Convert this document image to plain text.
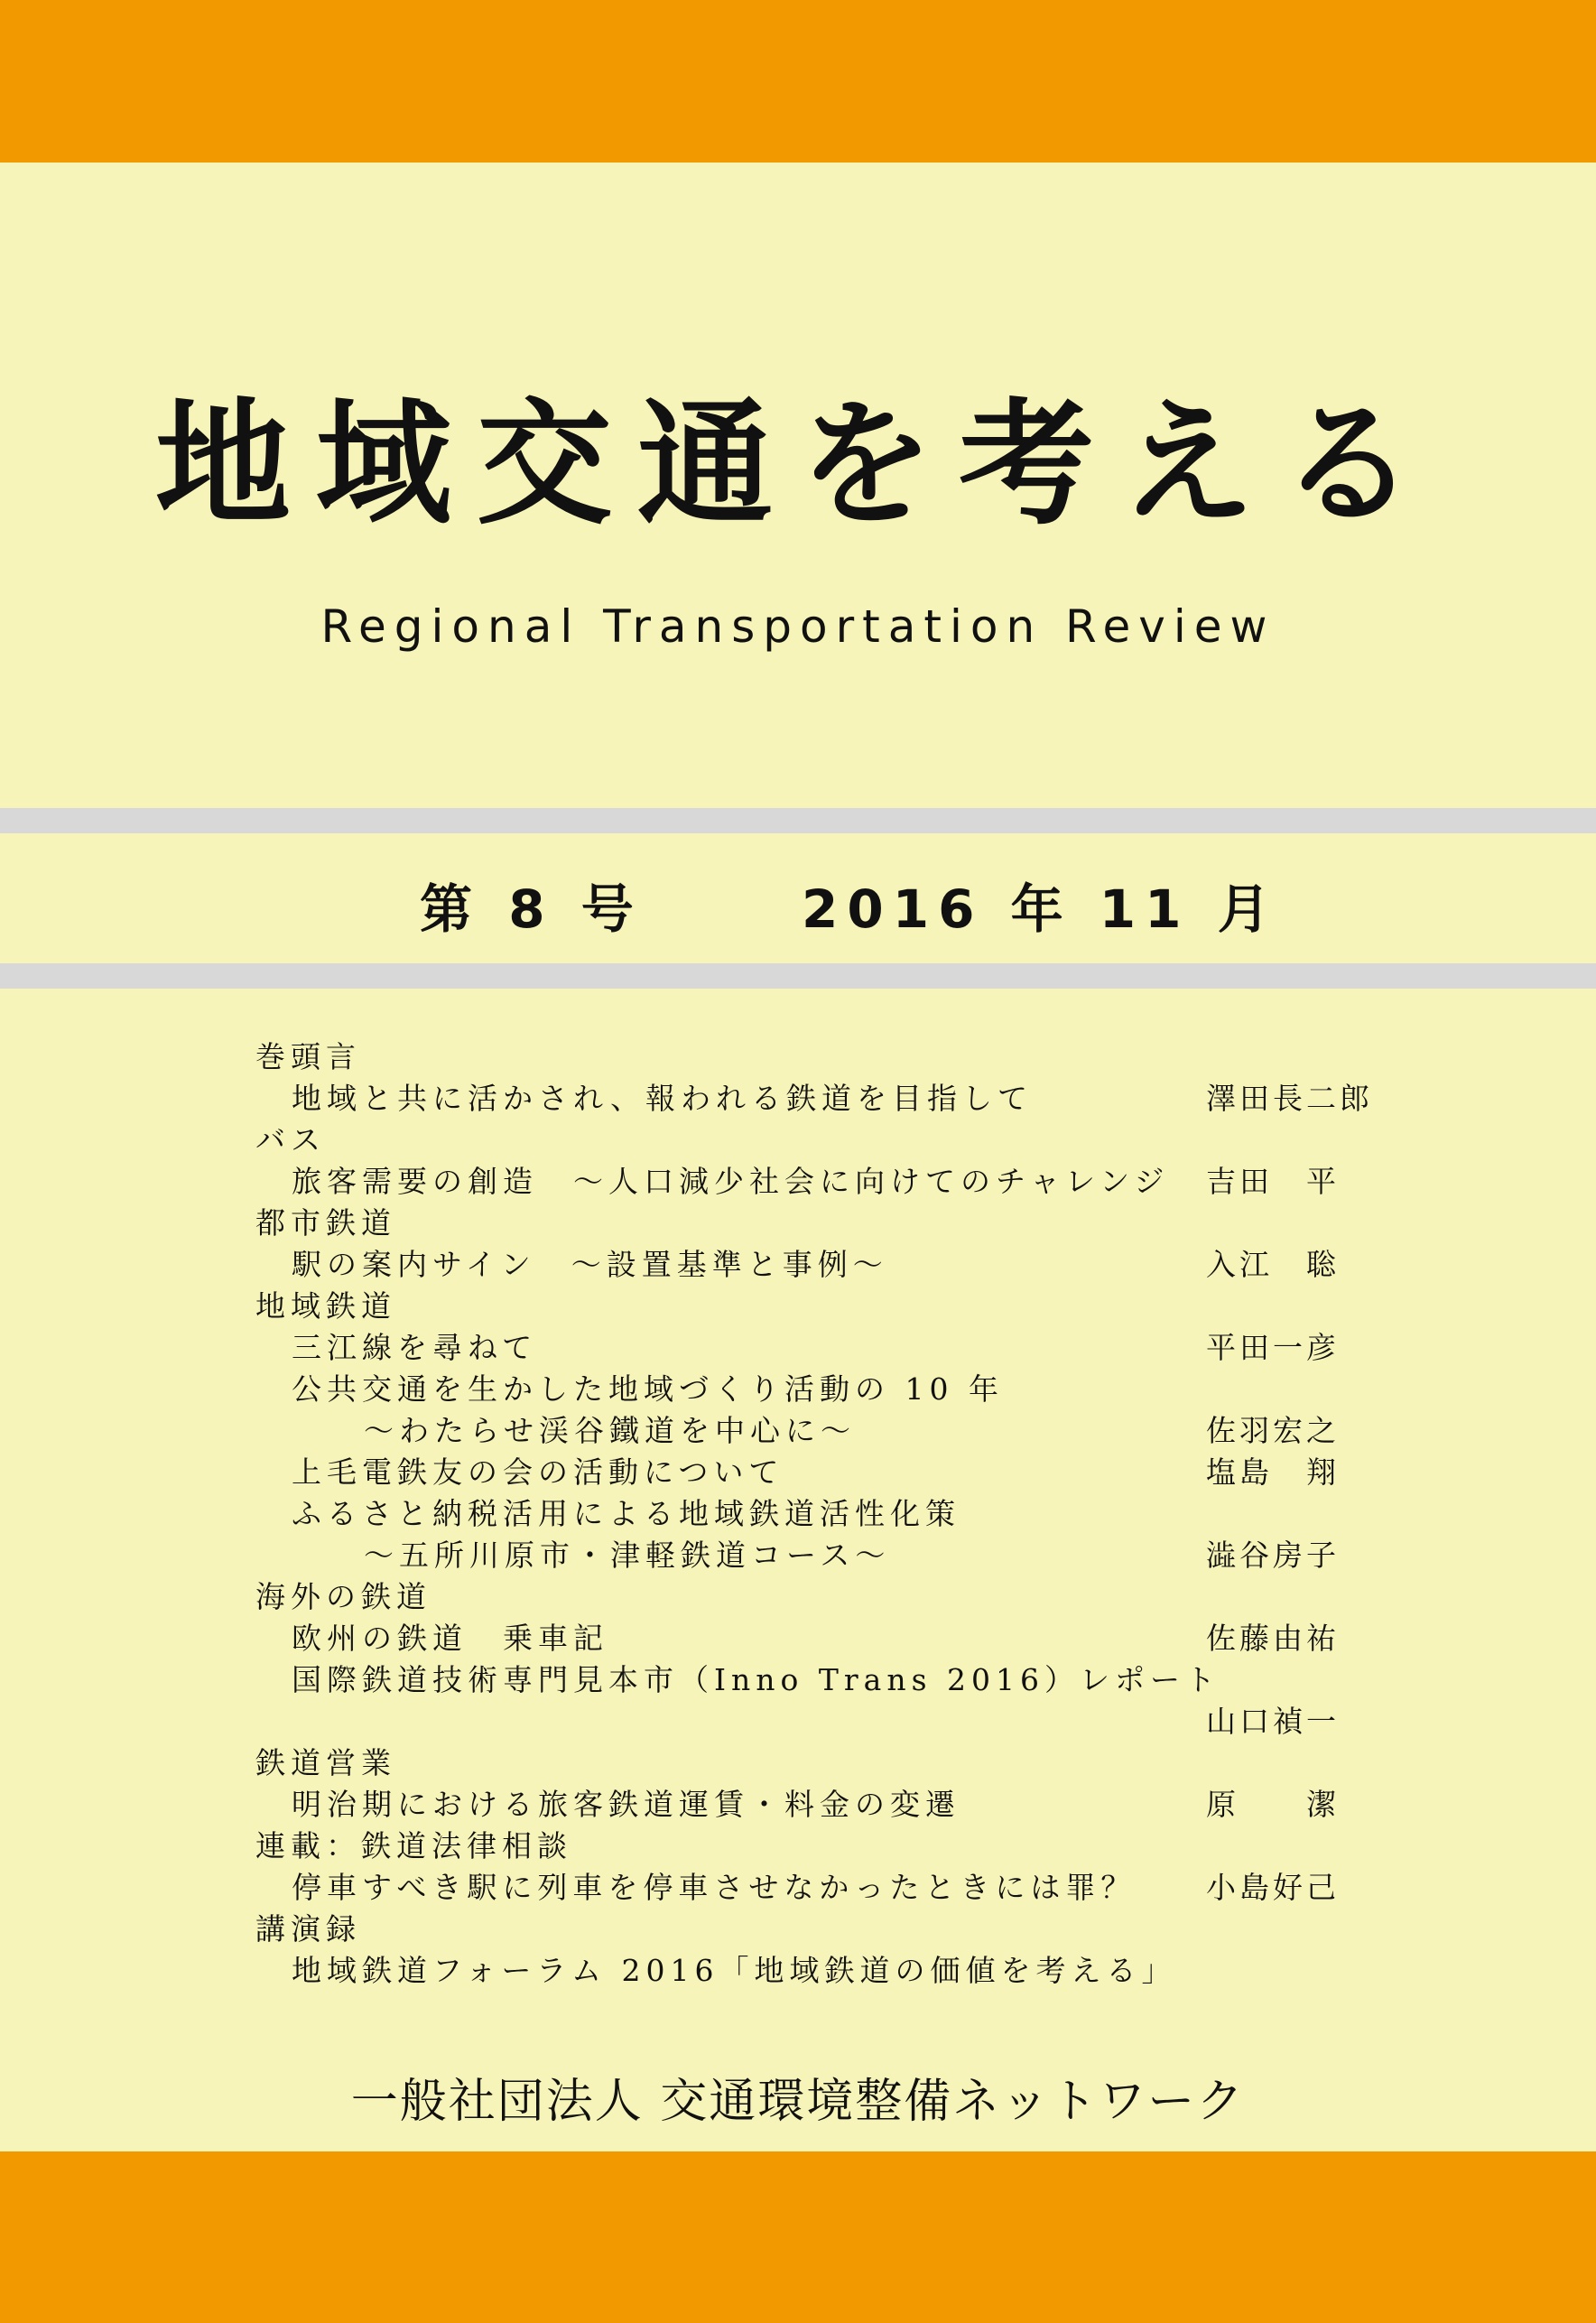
地域交通を考える
Regional Transportation Review
第 8 号	2016 年 11 月
巻頭言
地域と共に活かされ、報われる鉄道を目指して	澤田長二郎
バス
旅客需要の創造　～人口減少社会に向けてのチャレンジ 吉田　平
都市鉄道
駅の案内サイン　～設置基準と事例～	入江　聡
地域鉄道
三江線を尋ねて	平田一彦
公共交通を生かした地域づくり活動の 10 年
～わたらせ渓谷鐵道を中心に～	佐羽宏之
上毛電鉄友の会の活動について	塩島　翔
ふるさと納税活用による地域鉄道活性化策
～五所川原市・津軽鉄道コース～	澁谷房子
海外の鉄道
欧州の鉄道　乗車記	佐藤由祐
国際鉄道技術専門見本市（Inno Trans 2016）レポート
山口禎一
鉄道営業
明治期における旅客鉄道運賃・料金の変遷	原　　潔
連載：鉄道法律相談
停車すべき駅に列車を停車させなかったときには罪？ 小島好己
講演録
地域鉄道フォーラム 2016「地域鉄道の価値を考える」
一般社団法人 交通環境整備ネットワーク
